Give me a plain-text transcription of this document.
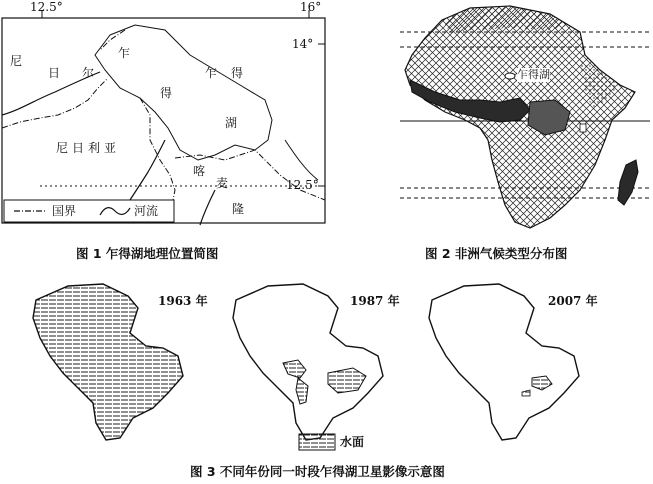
12.5°	16°
14°
12.5°
尼
日 尔
尼日利亚
乍得
乍
得
湖
喀
麦
隆
国界	河流
图 1 乍得湖地理位置简图
乍得湖
图 2 非洲气候类型分布图
1963 年	1987 年	2007 年
水面
图 3 不同年份同一时段乍得湖卫星影像示意图
